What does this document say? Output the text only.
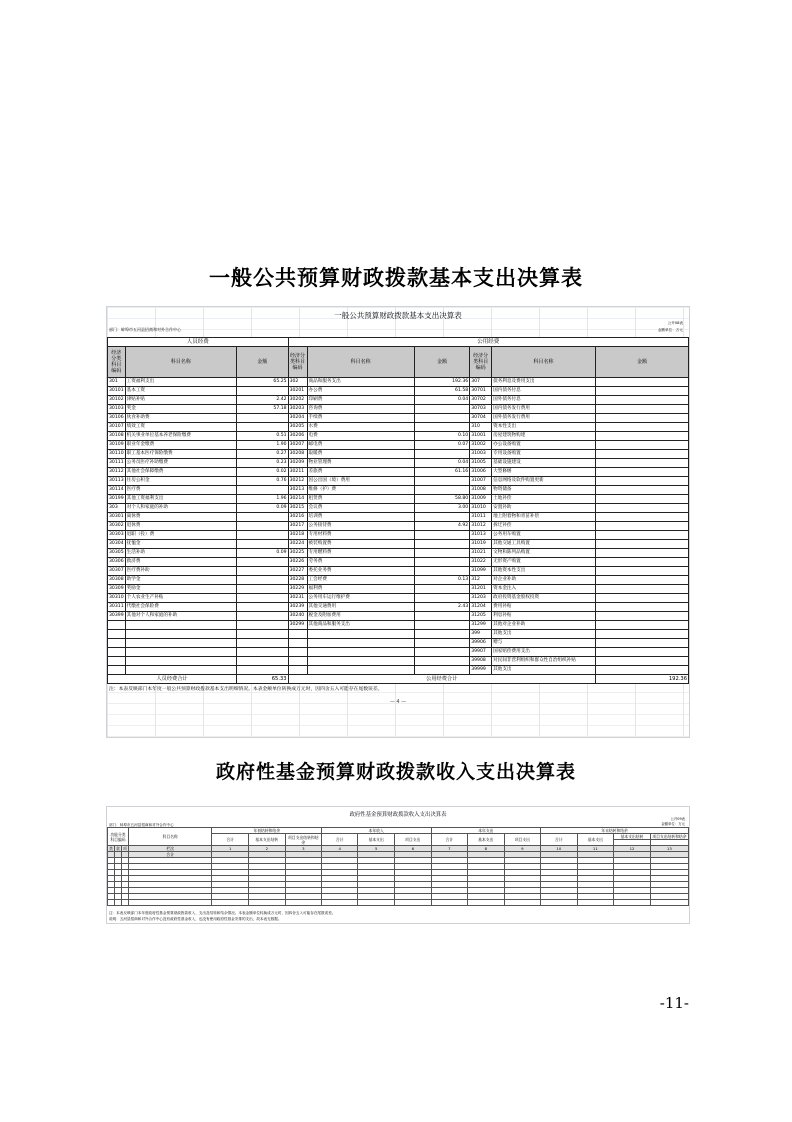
一般公共预算财政拨款基本支出决算表
一般公共预算财政拨款基本支出决算表
公开08表
金额单位：万元
部门：蚌埠市五河县招商和对外合作中心
人员经费			公用经费					
经济分类科目编码	科目名称	金额	经济分类科目编码	科目名称	金额	经济分类科目编码	科目名称	金额
301	工资福利支出	65.25	302	商品和服务支出	192.36	307	债务利息及费用支出	
30101	基本工资		30201	办公费	61.58	30701	国内债务付息	
30102	津贴补贴	2.42	30202	印刷费	0.04	30702	国外债务付息	
30103	奖金	57.18	30203	咨询费		30703	国内债务发行费用	
30106	伙食补助费		30204	手续费		30704	国外债务发行费用	
30107	绩效工资		30205	水费		310	资本性支出	
30108	机关事业单位基本养老保险缴费	0.51	30206	电费	0.10	31001	房屋建筑物购建	
30109	职业年金缴费	1.90	30207	邮电费	0.07	31002	办公设备购置	
30110	职工基本医疗保险缴费	0.27	30208	取暖费		31003	专用设备购置	
30111	公务员医疗补助缴费	0.23	30209	物业管理费	0.04	31005	基础设施建设	
30112	其他社会保障缴费	0.02	30211	差旅费	61.16	31006	大型修缮	
30113	住房公积金	0.76	30212	因公出国（境）费用		31007	信息网络及软件购置更新	
30114	医疗费		30213	维修（护）费		31008	物资储备	
30199	其他工资福利支出	1.96	30214	租赁费	58.80	31009	土地补偿	
303	对个人和家庭的补助	0.09	30215	会议费	3.00	31010	安置补助	
30301	离休费		30216	培训费		31011	地上附着物和青苗补偿	
30302	退休费		30217	公务接待费	4.92	31012	拆迁补偿	
30303	退职（役）费		30218	专用材料费		31013	公务用车购置	
30304	抚恤金		30224	被装购置费		31019	其他交通工具购置	
30305	生活补助	0.09	30225	专用燃料费		31021	文物和陈列品购置	
30306	救济费		30226	劳务费		31022	无形资产购置	
30307	医疗费补助		30227	委托业务费		31099	其他资本性支出	
30308	助学金		30228	工会经费	0.13	312	对企业补助	
30309	奖励金		30229	福利费		31201	资本金注入	
30310	个人农业生产补贴		30231	公务用车运行维护费		31203	政府投资基金股权投资	
30311	代缴社会保险费		30239	其他交通费用	2.43	31204	费用补贴	
30399	其他对个人和家庭的补助		30240	税金及附加费用		31205	利息补贴	
			30299	其他商品和服务支出		31299	其他对企业补助	
						399	其他支出	
						39906	赠与	
						39907	国家赔偿费用支出	
						39908	对民间非营利组织和群众性自治组织补贴	
						39999	其他支出	
人员经费合计		65.33	公用经费合计					192.36
注：本表反映部门本年度一般公共预算财政拨款基本支出明细情况。本表金额单位转换成万元时，因四舍五入可能存在尾数误差。
— 4 —
政府性基金预算财政拨款收入支出决算表
政府性基金预算财政拨款收入支出决算表
公开09表
金额单位：万元
部门：蚌埠市五河县招商和对外合作中心
功能分类科目编码			科目名称	年初结转和结余			本年收入			本年支出			年末结转和结余			
				合计	基本支出结转	项目支出结转和结余	合计	基本支出	项目支出	合计	基本支出	项目支出	合计	基本支出	基本支出结转	项目支出结转和结余

类	款	项	栏次	1	2	3	4	5	6	7	8	9	10	11	12	13
			合计													

注：本表反映部门本年度政府性基金预算财政拨款收入、支出及结转和结余情况。本表金额单位转换成万元时，因四舍五入可能存在尾数误差。
说明：五河县招商和对外合作中心没有政府性基金收入，也没有使用政府性基金安排的支出，故本表无数据。
-11-
